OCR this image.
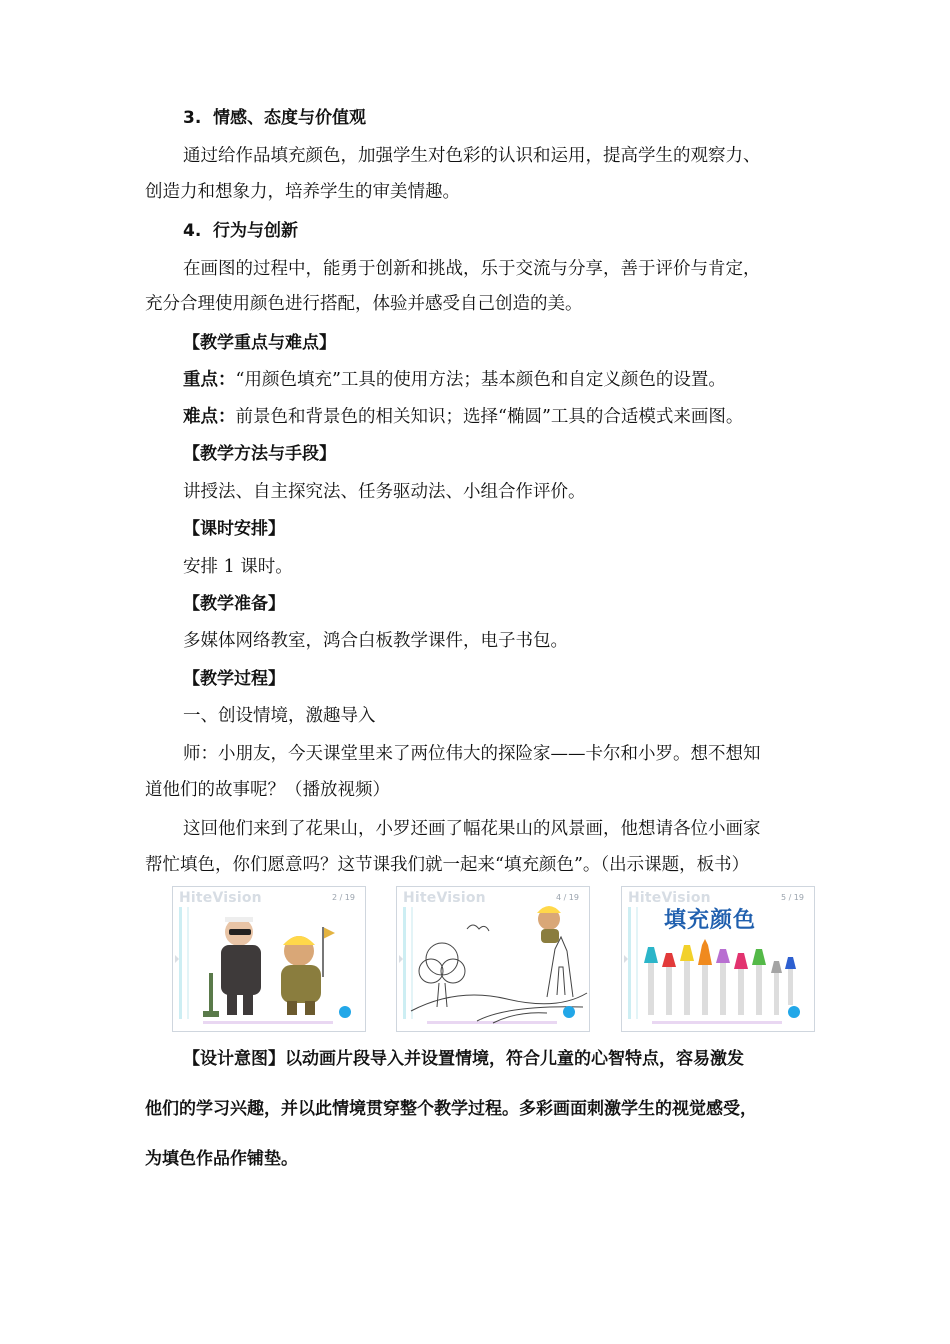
3. 情感、态度与价值观
通过给作品填充颜色，加强学生对色彩的认识和运用，提高学生的观察力、
创造力和想象力，培养学生的审美情趣。
4. 行为与创新
在画图的过程中，能勇于创新和挑战，乐于交流与分享，善于评价与肯定，
充分合理使用颜色进行搭配，体验并感受自己创造的美。
【教学重点与难点】
重点：“用颜色填充”工具的使用方法；基本颜色和自定义颜色的设置。
难点：前景色和背景色的相关知识；选择“椭圆”工具的合适模式来画图。
【教学方法与手段】
讲授法、自主探究法、任务驱动法、小组合作评价。
【课时安排】
安排 1 课时。
【教学准备】
多媒体网络教室，鸿合白板教学课件，电子书包。
【教学过程】
一、创设情境，激趣导入
师：小朋友，今天课堂里来了两位伟大的探险家——卡尔和小罗。想不想知
道他们的故事呢？（播放视频）
这回他们来到了花果山，小罗还画了幅花果山的风景画，他想请各位小画家
帮忙填色，你们愿意吗？这节课我们就一起来“填充颜色”。（出示课题，板书）
HiteVision	2 / 19	HiteVision	4 / 19	HiteVision	5 / 19
填充颜色
【设计意图】以动画片段导入并设置情境，符合儿童的心智特点，容易激发
他们的学习兴趣，并以此情境贯穿整个教学过程。多彩画面刺激学生的视觉感受，
为填色作品作铺垫。
